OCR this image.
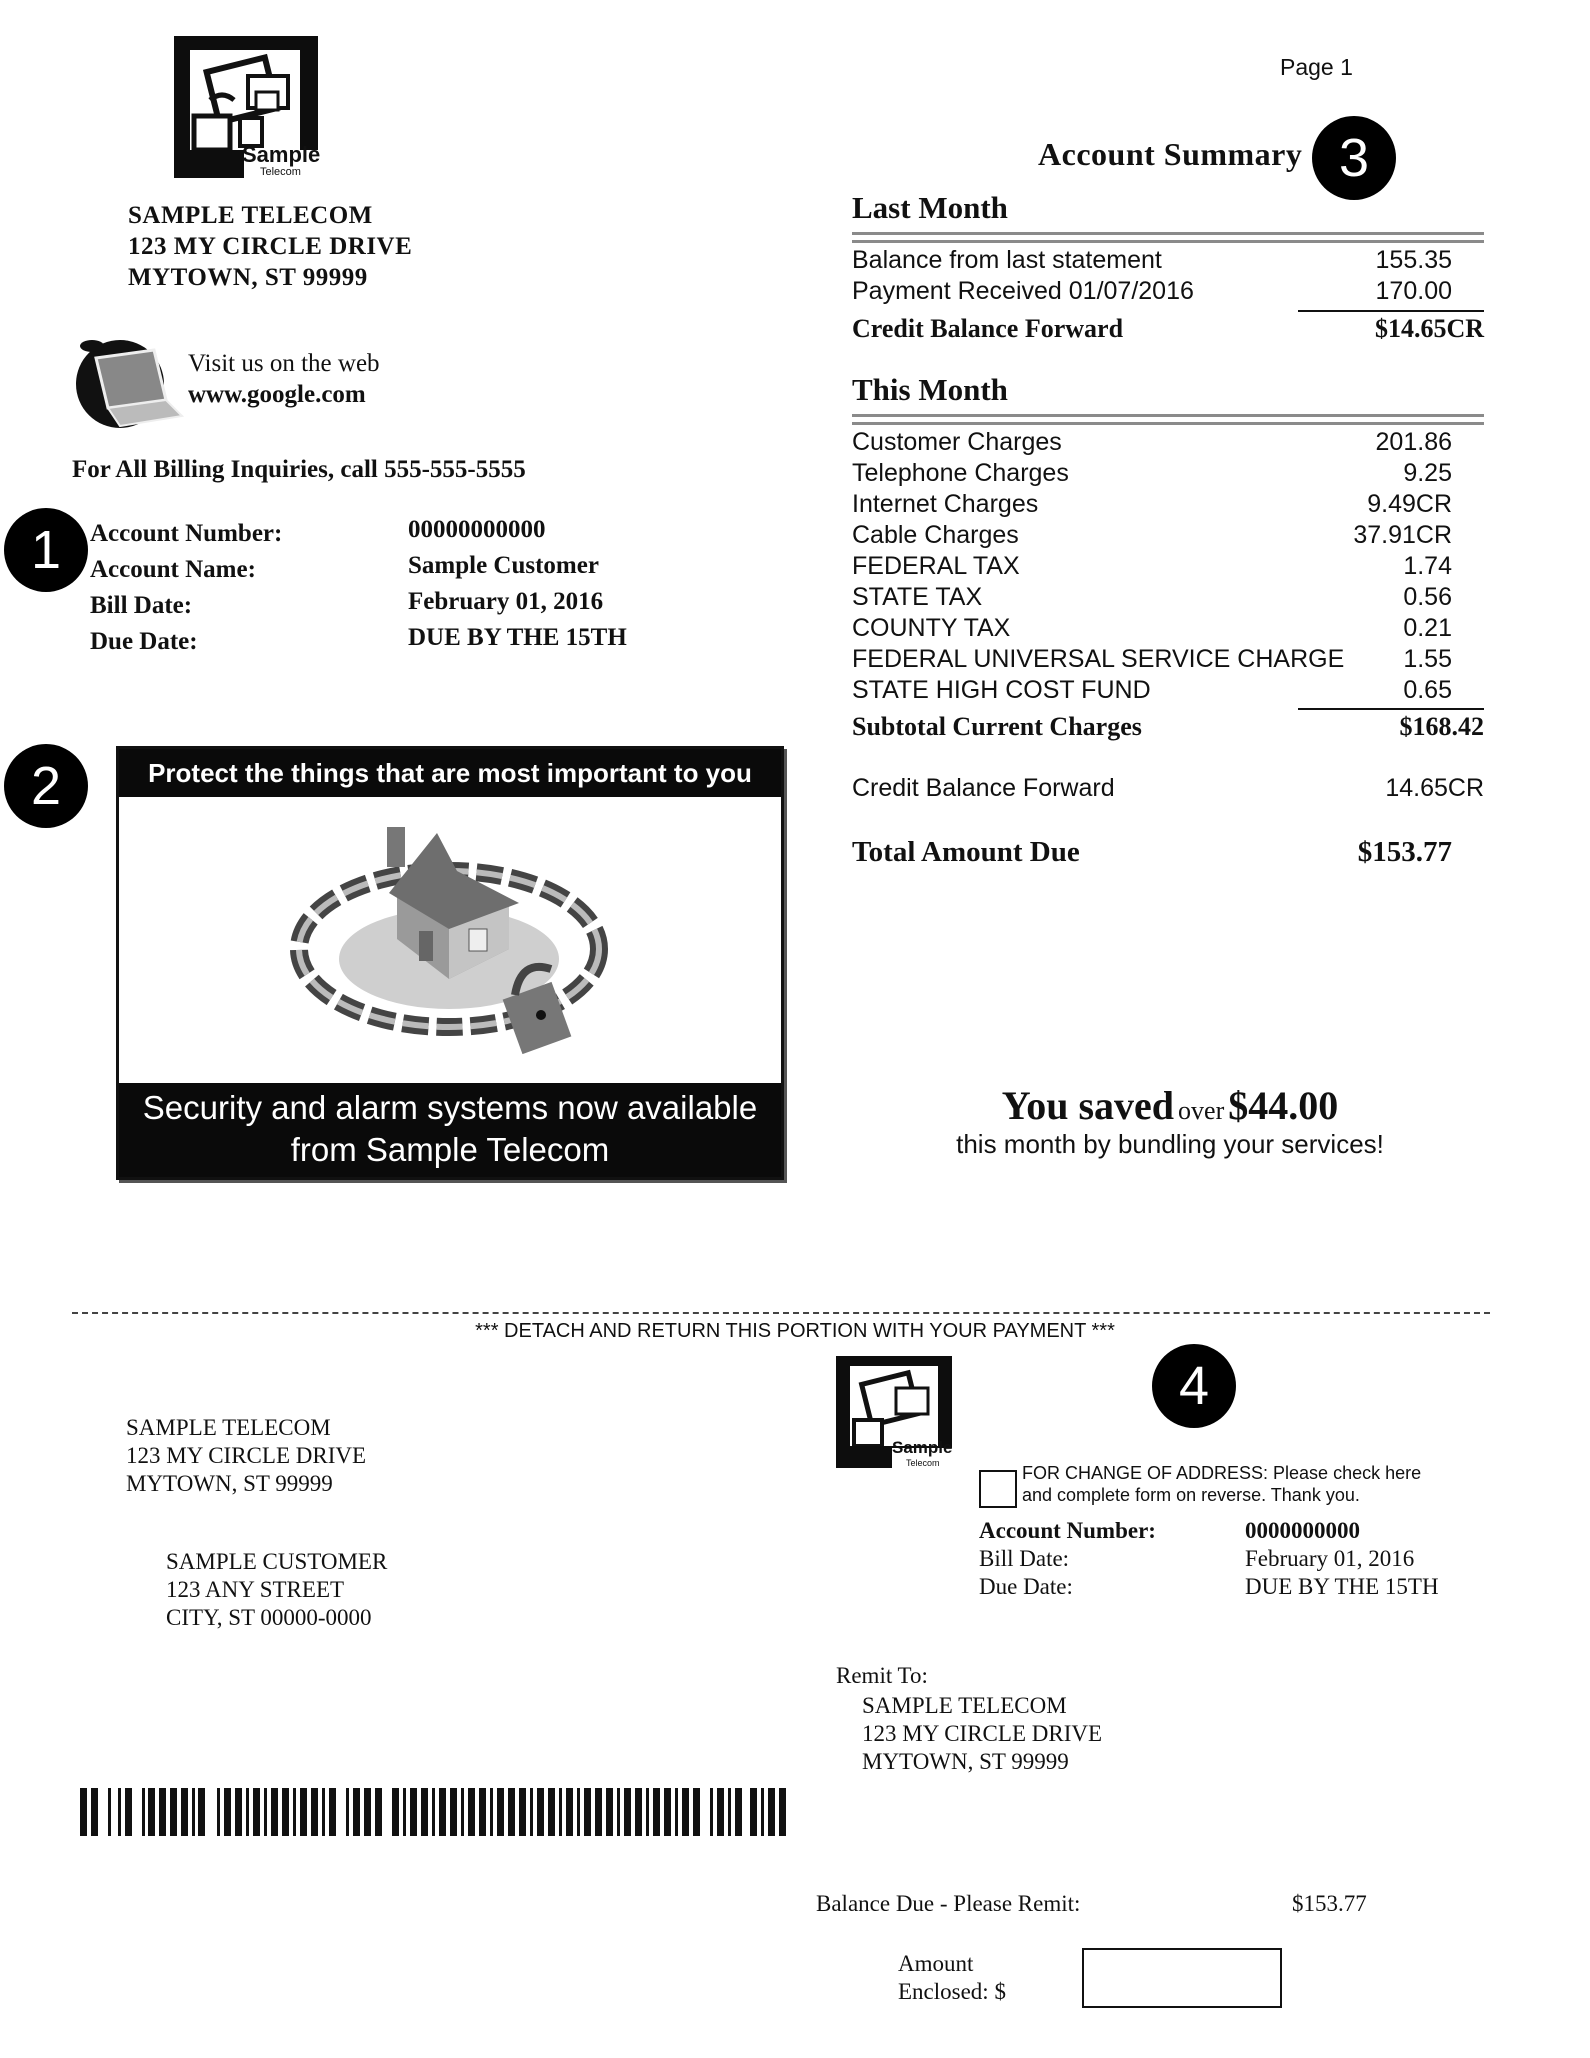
Page 1
Sample
Telecom
SAMPLE TELECOM
123 MY CIRCLE DRIVE
MYTOWN, ST 99999
Visit us on the web
www.google.com
For All Billing Inquiries, call 555-555-5555
1
2
3
4
Account Number:	00000000000
Account Name:	Sample Customer
Bill Date:	February 01, 2016
Due Date:	DUE BY THE 15TH
Protect the things that are most important to you
Security and alarm systems now available
from Sample Telecom
Account Summary
Last Month
Balance from last statement	155.35
Payment Received 01/07/2016	170.00
Credit Balance Forward	$14.65CR
This Month
Customer Charges	201.86
Telephone Charges	9.25
Internet Charges	9.49CR
Cable Charges	37.91CR
FEDERAL TAX	1.74
STATE TAX	0.56
COUNTY TAX	0.21
FEDERAL UNIVERSAL SERVICE CHARGE 1.55
STATE HIGH COST FUND	0.65
Subtotal Current Charges	$168.42
Credit Balance Forward	14.65CR
Total Amount Due	$153.77
You saved over $44.00
this month by bundling your services!
*** DETACH AND RETURN THIS PORTION WITH YOUR PAYMENT ***
SAMPLE TELECOM
123 MY CIRCLE DRIVE
MYTOWN, ST 99999
SAMPLE CUSTOMER
123 ANY STREET
CITY, ST 00000-0000
Sample
Telecom	FOR CHANGE OF ADDRESS: Please check here
and complete form on reverse. Thank you.
Account Number:	0000000000
Bill Date:	February 01, 2016
Due Date:	DUE BY THE 15TH
Remit To:
SAMPLE TELECOM
123 MY CIRCLE DRIVE
MYTOWN, ST 99999
Balance Due - Please Remit:	$153.77
Amount
Enclosed: $
